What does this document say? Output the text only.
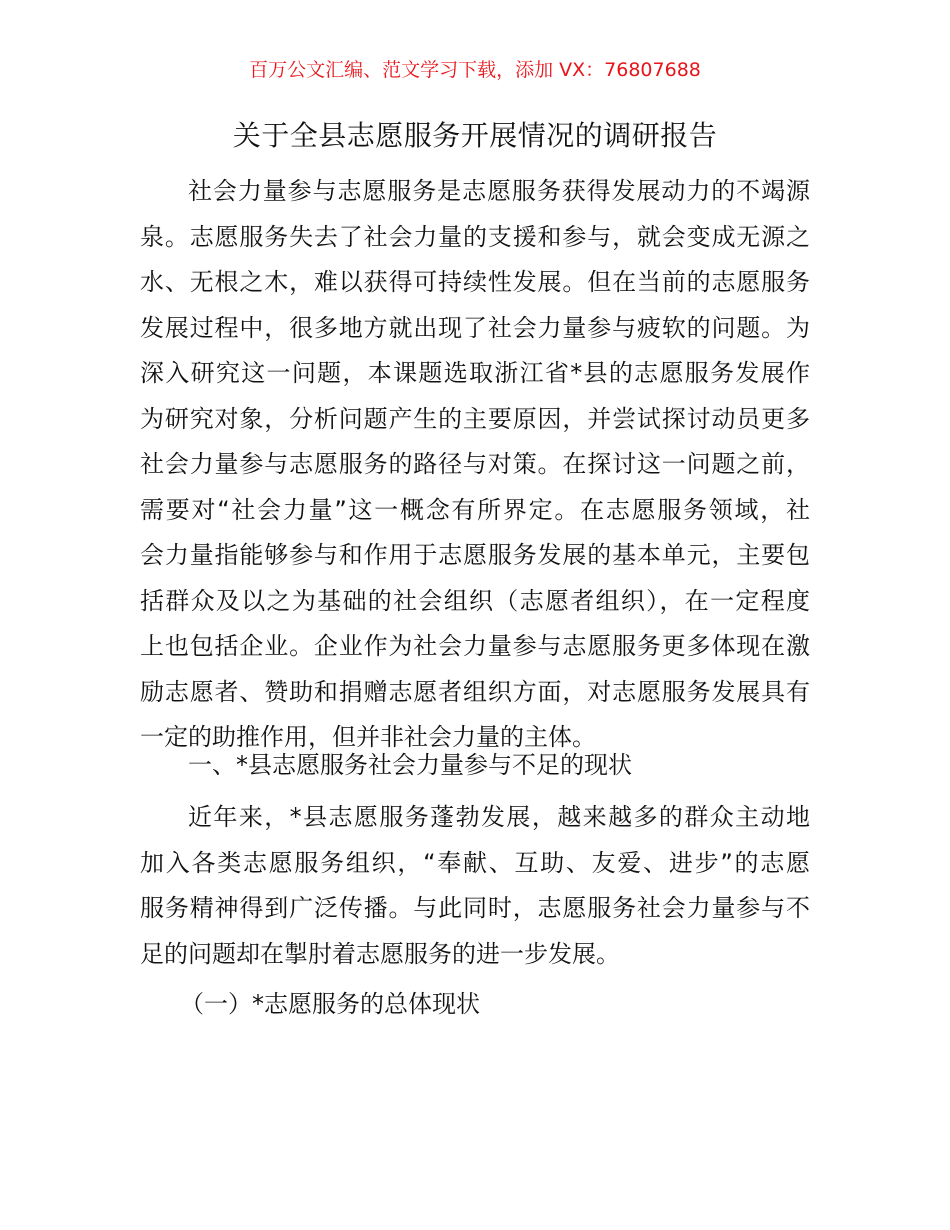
百万公文汇编、范文学习下载，添加 VX：76807688
关于全县志愿服务开展情况的调研报告
社会力量参与志愿服务是志愿服务获得发展动力的不竭源
泉。志愿服务失去了社会力量的支援和参与，就会变成无源之
水、无根之木，难以获得可持续性发展。但在当前的志愿服务
发展过程中，很多地方就出现了社会力量参与疲软的问题。为
深入研究这一问题，本课题选取浙江省*县的志愿服务发展作
为研究对象，分析问题产生的主要原因，并尝试探讨动员更多
社会力量参与志愿服务的路径与对策。在探讨这一问题之前，
需要对“社会力量”这一概念有所界定。在志愿服务领域，社
会力量指能够参与和作用于志愿服务发展的基本单元，主要包
括群众及以之为基础的社会组织（志愿者组织），在一定程度
上也包括企业。企业作为社会力量参与志愿服务更多体现在激
励志愿者、赞助和捐赠志愿者组织方面，对志愿服务发展具有
一定的助推作用，但并非社会力量的主体。
一、*县志愿服务社会力量参与不足的现状
近年来，*县志愿服务蓬勃发展，越来越多的群众主动地
加入各类志愿服务组织，“奉献、互助、友爱、进步”的志愿
服务精神得到广泛传播。与此同时，志愿服务社会力量参与不
足的问题却在掣肘着志愿服务的进一步发展。
（一）*志愿服务的总体现状
